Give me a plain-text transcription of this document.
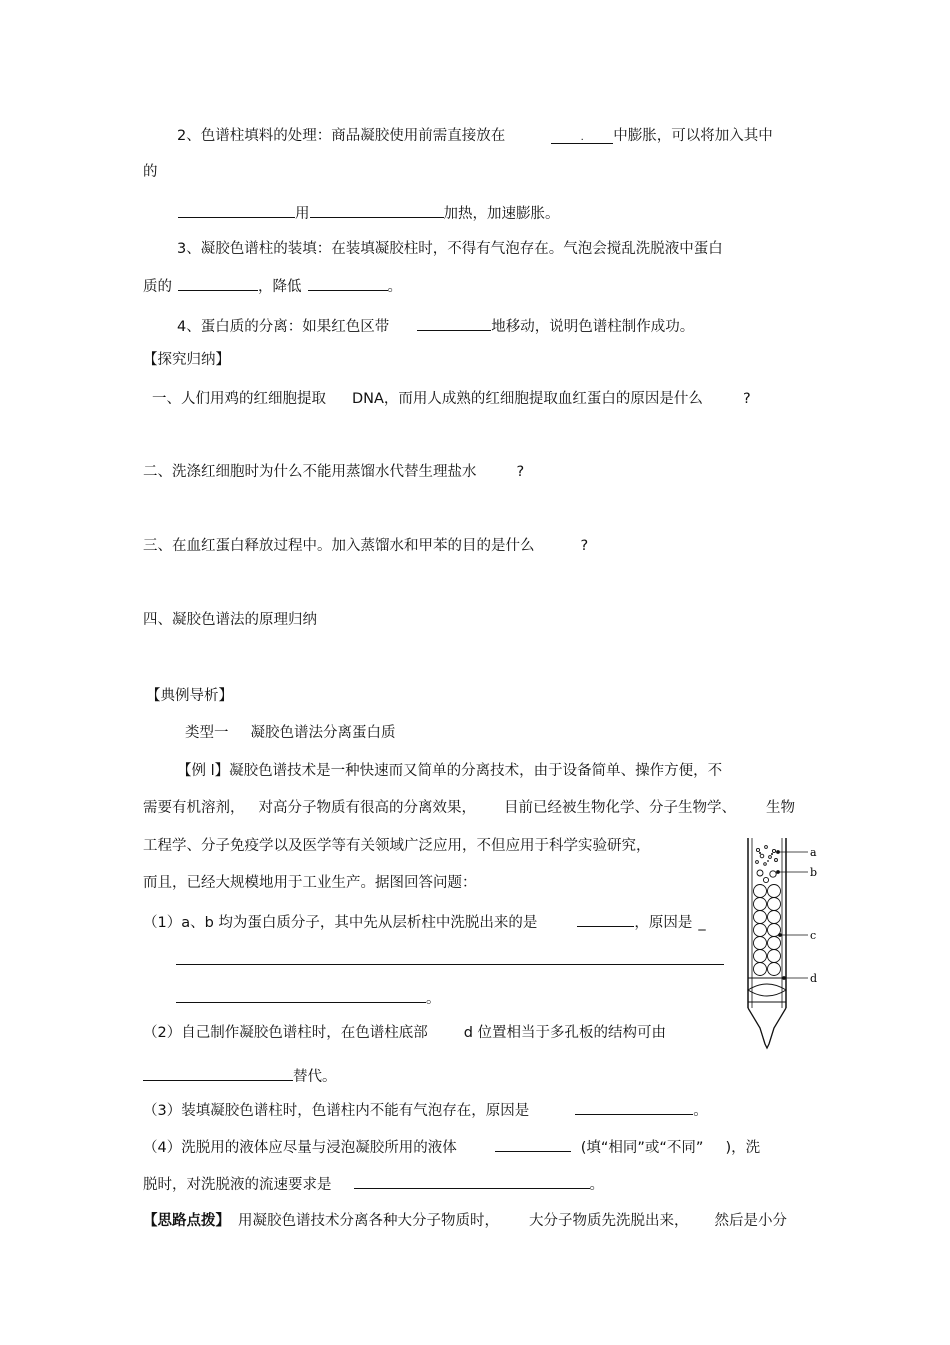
2、色谱柱填料的处理：商品凝胶使用前需直接放在	. 中膨胀，可以将加入其中
的
用	加热，加速膨胀。
3、凝胶色谱柱的装填：在装填凝胶柱时，不得有气泡存在。气泡会搅乱洗脱液中蛋白
质的	，降低	。
4、蛋白质的分离：如果红色区带	地移动，说明色谱柱制作成功。
【探究归纳】
一、人们用鸡的红细胞提取 DNA，而用人成熟的红细胞提取血红蛋白的原因是什么	?
二、洗涤红细胞时为什么不能用蒸馏水代替生理盐水	?
三、在血红蛋白释放过程中。加入蒸馏水和甲苯的目的是什么	?
四、凝胶色谱法的原理归纳
【典例导析】
类型一 凝胶色谱法分离蛋白质
【例 l】凝胶色谱技术是一种快速而又简单的分离技术，由于设备简单、操作方便，不
需要有机溶剂， 对高分子物质有很高的分离效果， 目前已经被生物化学、分子生物学、 生物
工程学、分子免疫学以及医学等有关领域广泛应用，不但应用于科学实验研究，
而且，已经大规模地用于工业生产。据图回答问题：
（1）a、b 均为蛋白质分子，其中先从层析柱中洗脱出来的是	，原因是 _
。
（2）自己制作凝胶色谱柱时，在色谱柱底部 d 位置相当于多孔板的结构可由
替代。
（3）装填凝胶色谱柱时，色谱柱内不能有气泡存在，原因是	。
（4）洗脱用的液体应尽量与浸泡凝胶所用的液体	(填“相同”或“不同” )，洗
脱时，对洗脱液的流速要求是	。
【思路点拨】 用凝胶色谱技术分离各种大分子物质时， 大分子物质先洗脱出来， 然后是小分
a
b
c
d
